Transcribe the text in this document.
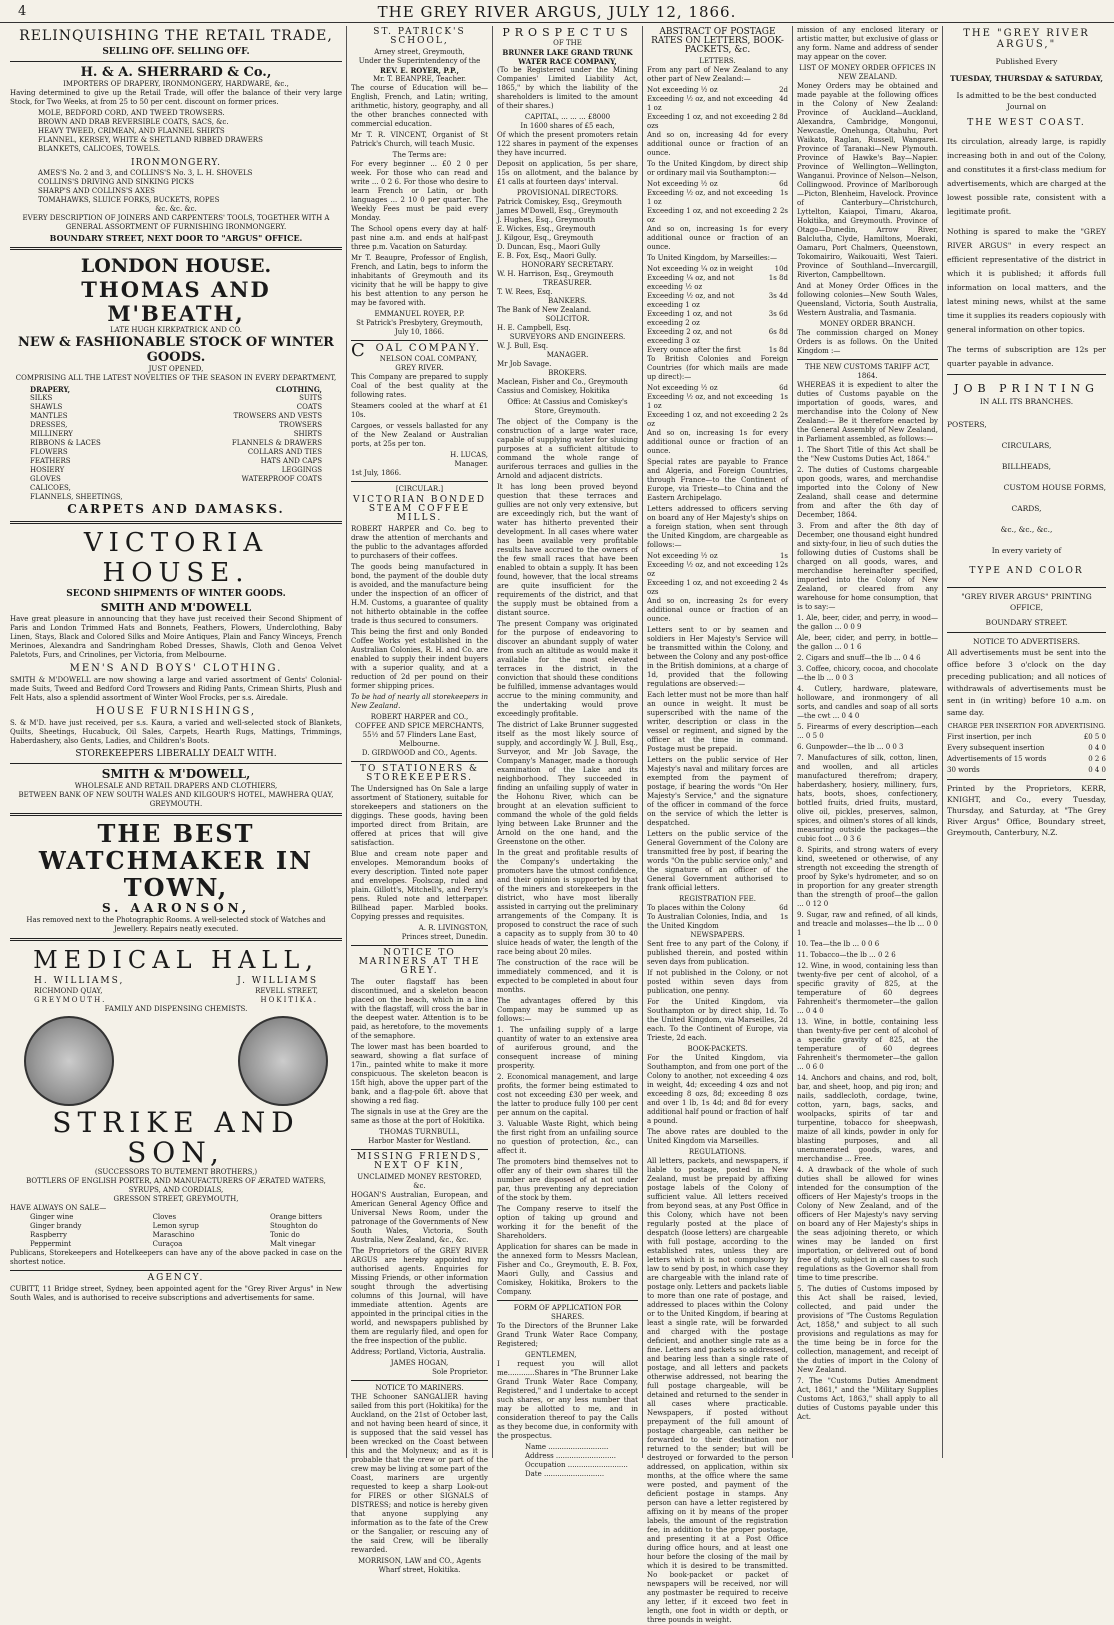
4	THE GREY RIVER ARGUS, JULY 12, 1866.
RELINQUISHING THE RETAIL TRADE,
SELLING OFF. SELLING OFF.
H. & A. SHERRARD & Co.,
IMPORTERS OF DRAPERY, IRONMONGERY, HARDWARE, &c.,
Having determined to give up the Retail Trade, will offer the balance of their very large Stock, for Two Weeks, at from 25 to 50 per cent. discount on former prices.
MOLE, BEDFORD CORD, AND TWEED TROWSERS.
BROWN AND DRAB REVERSIBLE COATS, SACS, &c.
HEAVY TWEED, CRIMEAN, AND FLANNEL SHIRTS
FLANNEL, KERSEY, WHITE & SHETLAND RIBBED DRAWERS
BLANKETS, CALICOES, TOWELS.
IRONMONGERY.
AMES'S No. 2 and 3, and COLLINS'S No. 3, L. H. SHOVELS
COLLINS'S DRIVING AND SINKING PICKS
SHARP'S AND COLLINS'S AXES
TOMAHAWKS, SLUICE FORKS, BUCKETS, ROPES
&c. &c. &c.
EVERY DESCRIPTION OF JOINERS AND CARPENTERS' TOOLS, TOGETHER WITH A GENERAL ASSORTMENT OF FURNISHING IRONMONGERY.
BOUNDARY STREET, NEXT DOOR TO "ARGUS" OFFICE.
LONDON HOUSE.
THOMAS AND M'BEATH,
LATE HUGH KIRKPATRICK AND CO.
NEW & FASHIONABLE STOCK OF WINTER GOODS.
JUST OPENED,
COMPRISING ALL THE LATEST NOVELTIES OF THE SEASON IN EVERY DEPARTMENT,
DRAPERY,
SILKS
SHAWLS
MANTLES
DRESSES,
MILLINERY
RIBBONS & LACES
FLOWERS
FEATHERS
HOSIERY
GLOVES
CALICOES,
FLANNELS, SHEETINGS,
CLOTHING,
SUITS
COATS
TROWSERS AND VESTS
TROWSERS
SHIRTS
FLANNELS & DRAWERS
COLLARS AND TIES
HATS AND CAPS
LEGGINGS
WATERPROOF COATS
CARPETS AND DAMASKS.
VICTORIA HOUSE.
SECOND SHIPMENTS OF WINTER GOODS.
SMITH AND M'DOWELL
Have great pleasure in announcing that they have just received their Second Shipment of Paris and London Trimmed Hats and Bonnets, Feathers, Flowers, Underclothing, Baby Linen, Stays, Black and Colored Silks and Moire Antiques, Plain and Fancy Winceys, French Merinoes, Alexandra and Sandringham Robed Dresses, Shawls, Cloth and Genoa Velvet Paletots, Furs, and Crinolines, per Victoria, from Melbourne.
MEN'S AND BOYS' CLOTHING.
SMITH & M'DOWELL are now showing a large and varied assortment of Gents' Colonial-made Suits, Tweed and Bedford Cord Trowsers and Riding Pants, Crimean Shirts, Plush and Felt Hats, also a splendid assortment of Winter Wool Frocks, per s.s. Airedale.
HOUSE FURNISHINGS,
S. & M'D. have just received, per s.s. Kaura, a varied and well-selected stock of Blankets, Quilts, Sheetings, Hucabuck, Oil Sales, Carpets, Hearth Rugs, Mattings, Trimmings, Haberdashery, also Gents, Ladies, and Children's Boots.
STOREKEEPERS LIBERALLY DEALT WITH.
SMITH & M'DOWELL,
WHOLESALE AND RETAIL DRAPERS AND CLOTHIERS,
BETWEEN BANK OF NEW SOUTH WALES AND KILGOUR'S HOTEL, MAWHERA QUAY, GREYMOUTH.
THE BEST WATCHMAKER IN TOWN,
S. AARONSON,
Has removed next to the Photographic Rooms. A well-selected stock of Watches and Jewellery. Repairs neatly executed.
MEDICAL HALL,
H. WILLIAMS,	J. WILLIAMS
RICHMOND QUAY,	REVELL STREET,
GREYMOUTH.	HOKITIKA.
FAMILY AND DISPENSING CHEMISTS.
STRIKE AND SON,
(SUCCESSORS TO BUTEMENT BROTHERS,)
BOTTLERS OF ENGLISH PORTER, AND MANUFACTURERS OF ÆRATED WATERS, SYRUPS, AND CORDIALS,
GRESSON STREET, GREYMOUTH,
HAVE ALWAYS ON SALE—
Ginger wine
Ginger brandy
Raspberry
Peppermint
Cloves
Lemon syrup
Maraschino
Curaçoa
Orange bitters
Stoughton do
Tonic do
Malt vinegar
Publicans, Storekeepers and Hotelkeepers can have any of the above packed in case on the shortest notice.
AGENCY.
CUBITT, 11 Bridge street, Sydney, been appointed agent for the "Grey River Argus" in New South Wales, and is authorised to receive subscriptions and advertisements for same.
ST. PATRICK'S SCHOOL,
Arney street, Greymouth,
Under the Superintendency of the
REV. E. ROYER, P.P.,
Mr. T. BEANPRE, Teacher.
The course of Education will be—English, French, and Latin; writing, arithmetic, history, geography, and all the other branches connected with commercial education.
Mr T. R. VINCENT, Organist of St Patrick's Church, will teach Music.
The Terms are:
For every beginner ... £0 2 0 per week. For those who can read and write ... 0 2 6. For those who desire to learn French or Latin, or both languages ... 2 10 0 per quarter. The Weekly Fees must be paid every Monday.
The School opens every day at half-past nine a.m. and ends at half-past three p.m. Vacation on Saturday.
Mr T. Beaupre, Professor of English, French, and Latin, begs to inform the inhabitants of Greymouth and its vicinity that he will be happy to give his best attention to any person he may be favored with.
EMMANUEL ROYER, P.P.
St Patrick's Presbytery, Greymouth, July 10, 1866.
COAL COMPANY.
NELSON COAL COMPANY, GREY RIVER.
This Company are prepared to supply Coal of the best quality at the following rates.
Steamers cooled at the wharf at £1 10s.
Cargoes, or vessels ballasted for any of the New Zealand or Australian ports, at 25s per ton.
H. LUCAS,
Manager.
1st July, 1866.
[CIRCULAR.]
VICTORIAN BONDED STEAM COFFEE MILLS.
ROBERT HARPER and Co. beg to draw the attention of merchants and the public to the advantages afforded to purchasers of their coffees.
The goods being manufactured in bond, the payment of the double duty is avoided, and the manufacture being under the inspection of an officer of H.M. Customs, a guarantee of quality not hitherto obtainable in the coffee trade is thus secured to consumers.
This being the first and only Bonded Coffee Works yet established in the Australian Colonies, R. H. and Co. are enabled to supply their indent buyers with a superior quality, and at a reduction of 2d per pound on their former shipping prices.
To be had of nearly all storekeepers in New Zealand.
ROBERT HARPER and CO.,
COFFEE AND SPICE MERCHANTS,
55½ and 57 Flinders Lane East, Melbourne.
D. GIRDWOOD and CO., Agents.
TO STATIONERS & STOREKEEPERS.
The Undersigned has On Sale a large assortment of Stationery, suitable for storekeepers and stationers on the diggings. These goods, having been imported direct from Britain, are offered at prices that will give satisfaction.
Blue and cream note paper and envelopes. Memorandum books of every description. Tinted note paper and envelopes. Foolscap, ruled and plain. Gillott's, Mitchell's, and Perry's pens. Ruled note and letterpaper. Billhead paper. Marbled books. Copying presses and requisites.
A. R. LIVINGSTON,
Princes street, Dunedin.
NOTICE TO MARINERS AT THE GREY.
The outer flagstaff has been discontinued, and a skeleton beacon placed on the beach, which in a line with the flagstaff, will cross the bar in the deepest water. Attention is to be paid, as heretofore, to the movements of the semaphore.
The lower mast has been boarded to seaward, showing a flat surface of 17in., painted white to make it more conspicuous. The skeleton beacon is 15ft high, above the upper part of the bank, and a flag-pole 6ft. above that showing a red flag.
The signals in use at the Grey are the same as those at the port of Hokitika.
THOMAS TURNBULL,
Harbor Master for Westland.
MISSING FRIENDS, NEXT OF KIN,
UNCLAIMED MONEY RESTORED, &c.
HOGAN'S Australian, European, and American General Agency Office and Universal News Room, under the patronage of the Governments of New South Wales, Victoria, South Australia, New Zealand, &c., &c.
The Proprietors of the GREY RIVER ARGUS are hereby appointed my authorised agents. Enquiries for Missing Friends, or other information sought through the advertising columns of this Journal, will have immediate attention. Agents are appointed in the principal cities in the world, and newspapers published by them are regularly filed, and open for the free inspection of the public.
Address; Portland, Victoria, Australia.
JAMES HOGAN,
Sole Proprietor.
NOTICE TO MARINERS.
THE Schooner SANGALIER having sailed from this port (Hokitika) for the Auckland, on the 21st of October last, and not having been heard of since, it is supposed that the said vessel has been wrecked on the Coast between this and the Molyneux; and as it is probable that the crew or part of the crew may be living at some part of the Coast, mariners are urgently requested to keep a sharp Look-out for FIRES or other SIGNALS of DISTRESS; and notice is hereby given that anyone supplying any information as to the fate of the Crew or the Sangalier, or rescuing any of the said Crew, will be liberally rewarded.
MORRISON, LAW and CO., Agents
Wharf street, Hokitika.
PROSPECTUS
OF THE
BRUNNER LAKE GRAND TRUNK WATER RACE COMPANY,
(To be Registered under the Mining Companies' Limited Liability Act, 1865," by which the liability of the shareholders is limited to the amount of their shares.)
CAPITAL, ... ... ... £8000
In 1600 shares of £5 each,
Of which the present promoters retain 122 shares in payment of the expenses they have incurred.
Deposit on application, 5s per share, 15s on allotment, and the balance by £1 calls at fourteen days' interval.
PROVISIONAL DIRECTORS.
Patrick Comiskey, Esq., Greymouth
James M'Dowell, Esq., Greymouth
J. Hughes, Esq., Greymouth
E. Wickes, Esq., Greymouth
J. Kilgour, Esq., Greymouth
D. Duncan, Esq., Maori Gully
E. B. Fox, Esq., Maori Gully.
HONORARY SECRETARY.
W. H. Harrison, Esq., Greymouth
TREASURER.
T. W. Rees, Esq.
BANKERS.
The Bank of New Zealand.
SOLICITOR.
H. E. Campbell, Esq.
SURVEYORS AND ENGINEERS.
W. J. Bull, Esq.
MANAGER.
Mr Job Savage.
BROKERS.
Maclean, Fisher and Co., Greymouth
Cassius and Comiskey, Hokitika
Office: At Cassius and Comiskey's Store, Greymouth.
The object of the Company is the construction of a large water race, capable of supplying water for sluicing purposes at a sufficient altitude to command the whole range of auriferous terraces and gullies in the Arnold and adjacent districts.
It has long been proved beyond question that these terraces and gullies are not only very extensive, but are exceedingly rich, but the want of water has hitherto prevented their development. In all cases where water has been available very profitable results have accrued to the owners of the few small races that have been enabled to obtain a supply. It has been found, however, that the local streams are quite insufficient for the requirements of the district, and that the supply must be obtained from a distant source.
The present Company was originated for the purpose of endeavoring to discover an abundant supply of water from such an altitude as would make it available for the most elevated terraces in the district, in the conviction that should these conditions be fulfilled, immense advantages would accrue to the mining community, and the undertaking would prove exceedingly profitable.
The district of Lake Brunner suggested itself as the most likely source of supply, and accordingly W. J. Bull, Esq., Surveyor, and Mr Job Savage, the Company's Manager, made a thorough examination of the Lake and its neighborhood. They succeeded in finding an unfailing supply of water in the Hohonu River, which can be brought at an elevation sufficient to command the whole of the gold fields lying between Lake Brunner and the Arnold on the one hand, and the Greenstone on the other.
In the great and profitable results of the Company's undertaking the promoters have the utmost confidence, and their opinion is supported by that of the miners and storekeepers in the district, who have most liberally assisted in carrying out the preliminary arrangements of the Company. It is proposed to construct the race of such a capacity as to supply from 30 to 40 sluice heads of water, the length of the race being about 20 miles.
The construction of the race will be immediately commenced, and it is expected to be completed in about four months.
The advantages offered by this Company may be summed up as follows:—
1. The unfailing supply of a large quantity of water to an extensive area of auriferous ground, and the consequent increase of mining prosperity.
2. Economical management, and large profits, the former being estimated to cost not exceeding £30 per week, and the latter to produce fully 100 per cent per annum on the capital.
3. Valuable Waste Right, which being the first right from an unfailing source no question of protection, &c., can affect it.
The promoters bind themselves not to offer any of their own shares till the number are disposed of at not under par, thus preventing any depreciation of the stock by them.
The Company reserve to itself the option of taking up ground and working it for the benefit of the Shareholders.
Application for shares can be made in the annexed form to Messrs Maclean, Fisher and Co., Greymouth, E. B. Fox, Maori Gully, and Cassius and Comiskey, Hokitika, Brokers to the Company.
FORM OF APPLICATION FOR SHARES.
To the Directors of the Brunner Lake Grand Trunk Water Race Company, Registered;
GENTLEMEN,
I request you will allot me............Shares in "The Brunner Lake Grand Trunk Water Race Company, Registered," and I undertake to accept such shares, or any less number that may be allotted to me, and in consideration thereof to pay the Calls as they become due, in conformity with the prospectus.
Name ...........................
Address ...........................
Occupation ...........................
Date ...........................
ABSTRACT OF POSTAGE RATES ON LETTERS, BOOK-PACKETS, &c.
LETTERS.
From any part of New Zealand to any other part of New Zealand:—
Not exceeding ½ oz	2d
Exceeding ½ oz, and not exceeding 1 oz	4d
Exceeding 1 oz, and not exceeding 2 ozs	8d
And so on, increasing 4d for every additional ounce or fraction of an ounce.
To the United Kingdom, by direct ship or ordinary mail via Southampton:—
Not exceeding ½ oz	6d
Exceeding ½ oz, and not exceeding 1 oz	1s
Exceeding 1 oz, and not exceeding 2 oz	2s
And so on, increasing 1s for every additional ounce or fraction of an ounce.
To United Kingdom, by Marseilles:—
Not exceeding ¼ oz in weight	10d
Exceeding ¼ oz, and not exceeding ½ oz	1s 8d
Exceeding ½ oz, and not exceeding 1 oz	3s 4d
Exceeding 1 oz, and not exceeding 2 oz	3s 6d
Exceeding 2 oz, and not exceeding 3 oz	6s 8d
Every ounce after the first	1s 8d
To British Colonies and Foreign Countries (for which mails are made up direct):—
Not exceeding ½ oz	6d
Exceeding ½ oz, and not exceeding 1 oz	1s
Exceeding 1 oz, and not exceeding 2 oz	2s
And so on, increasing 1s for every additional ounce or fraction of an ounce.
Special rates are payable to France and Algeria, and Foreign Countries, through France—to the Continent of Europe, via Trieste—to China and the Eastern Archipelago.
Letters addressed to officers serving on board any of Her Majesty's ships on a foreign station, when sent through the United Kingdom, are chargeable as follows:—
Not exceeding ½ oz	1s
Exceeding ½ oz, and not exceeding 1 oz	2s
Exceeding 1 oz, and not exceeding 2 ozs	4s
And so on, increasing 2s for every additional ounce or fraction of an ounce.
Letters sent to or by seamen and soldiers in Her Majesty's Service will be transmitted within the Colony, and between the Colony and any post-office in the British dominions, at a charge of 1d, provided that the following regulations are observed:—
Each letter must not be more than half an ounce in weight. It must be superscribed with the name of the writer, description or class in the vessel or regiment, and signed by the officer at the time in command. Postage must be prepaid.
Letters on the public service of Her Majesty's naval and military forces are exempted from the payment of postage, if bearing the words "On Her Majesty's Service," and the signature of the officer in command of the force on the service of which the letter is despatched.
Letters on the public service of the General Government of the Colony are transmitted free by post, if bearing the words "On the public service only," and the signature of an officer of the General Government authorised to frank official letters.
REGISTRATION FEE.
To places within the Colony	6d
To Australian Colonies, India, and the United Kingdom	1s
NEWSPAPERS.
Sent free to any part of the Colony, if published therein, and posted within seven days from publication.
If not published in the Colony, or not posted within seven days from publication, one penny.
For the United Kingdom, via Southampton or by direct ship, 1d. To the United Kingdom, via Marseilles, 2d each. To the Continent of Europe, via Trieste, 2d each.
BOOK-PACKETS.
For the United Kingdom, via Southampton, and from one port of the Colony to another, not exceeding 4 ozs in weight, 4d; exceeding 4 ozs and not exceeding 8 ozs, 8d; exceeding 8 ozs and over 1 lb, 1s 4d; and 8d for every additional half pound or fraction of half a pound.
The above rates are doubled to the United Kingdom via Marseilles.
REGULATIONS.
All letters, packets, and newspapers, if liable to postage, posted in New Zealand, must be prepaid by affixing postage labels of the Colony of sufficient value. All letters received from beyond seas, at any Post Office in this Colony, which have not been regularly posted at the place of despatch (loose letters) are chargeable with full postage, according to the established rates, unless they are letters which it is not compulsory by law to send by post, in which case they are chargeable with the inland rate of postage only. Letters and packets liable to more than one rate of postage, and addressed to places within the Colony or to the United Kingdom, if bearing at least a single rate, will be forwarded and charged with the postage deficient, and another single rate as a fine. Letters and packets so addressed, and bearing less than a single rate of postage, and all letters and packets otherwise addressed, not bearing the full postage chargeable, will be detained and returned to the sender in all cases where practicable. Newspapers, if posted without prepayment of the full amount of postage chargeable, can neither be forwarded to their destination nor returned to the sender; but will be destroyed or forwarded to the person addressed, on application, within six months, at the office where the same were posted, and payment of the deficient postage in stamps. Any person can have a letter registered by affixing on it by means of the proper labels, the amount of the registration fee, in addition to the proper postage, and presenting it at a Post Office during office hours, and at least one hour before the closing of the mail by which it is desired to be transmitted. No book-packet or packet of newspapers will be received, nor will any postmaster be required to receive any letter, if it exceed two feet in length, one foot in width or depth, or three pounds in weight.
mission of any enclosed literary or artistic matter, but exclusive of glass or any form. Name and address of sender may appear on the cover.
LIST OF MONEY ORDER OFFICES IN NEW ZEALAND.
Money Orders may be obtained and made payable at the following offices in the Colony of New Zealand: Province of Auckland—Auckland, Alexandra, Cambridge, Mongonui, Newcastle, Onehunga, Otahuhu, Port Waikato, Raglan, Russell, Wangarei. Province of Taranaki—New Plymouth. Province of Hawke's Bay—Napier. Province of Wellington—Wellington, Wanganui. Province of Nelson—Nelson, Collingwood. Province of Marlborough—Picton, Blenheim, Havelock. Province of Canterbury—Christchurch, Lyttelton, Kaiapoi, Timaru, Akaroa, Hokitika, and Greymouth. Province of Otago—Dunedin, Arrow River, Balclutha, Clyde, Hamiltons, Moeraki, Oamaru, Port Chalmers, Queenstown, Tokomairiro, Waikouaiti, West Taieri. Province of Southland—Invercargill, Riverton, Campbelltown.
And at Money Order Offices in the following colonies—New South Wales, Queensland, Victoria, South Australia, Western Australia, and Tasmania.
MONEY ORDER BRANCH.
The commission charged on Money Orders is as follows. On the United Kingdom :—
THE NEW CUSTOMS TARIFF ACT, 1864.
WHEREAS it is expedient to alter the duties of Customs payable on the importation of goods, wares, and merchandise into the Colony of New Zealand:— Be it therefore enacted by the General Assembly of New Zealand, in Parliament assembled, as follows:—
1. The Short Title of this Act shall be the "New Customs Duties Act, 1864."
2. The duties of Customs chargeable upon goods, wares, and merchandise imported into the Colony of New Zealand, shall cease and determine from and after the 6th day of December, 1864.
3. From and after the 8th day of December, one thousand eight hundred and sixty-four, in lieu of such duties the following duties of Customs shall be charged on all goods, wares, and merchandise hereinafter specified, imported into the Colony of New Zealand, or cleared from any warehouse for home consumption, that is to say:—
1. Ale, beer, cider, and perry, in wood—the gallon ... 0 0 9
Ale, beer, cider, and perry, in bottle—the gallon ... 0 1 6
2. Cigars and snuff—the lb ... 0 4 6
3. Coffee, chicory, cocoa, and chocolate—the lb ... 0 0 3
4. Cutlery, hardware, plateware, holloware, and ironmongery of all sorts, and candles and soap of all sorts—the cwt ... 0 4 0
5. Firearms of every description—each ... 0 5 0
6. Gunpowder—the lb ... 0 0 3
7. Manufactures of silk, cotton, linen, and woollen, and all articles manufactured therefrom; drapery, haberdashery, hosiery, millinery, furs, hats, boots, shoes, confectionery, bottled fruits, dried fruits, mustard, olive oil, pickles, preserves, salmon, spices, and oilmen's stores of all kinds, measuring outside the packages—the cubic foot ... 0 3 6
8. Spirits, and strong waters of every kind, sweetened or otherwise, of any strength not exceeding the strength of proof by Syke's hydrometer, and so on in proportion for any greater strength than the strength of proof—the gallon ... 0 12 0
9. Sugar, raw and refined, of all kinds, and treacle and molasses—the lb ... 0 0 1
10. Tea—the lb ... 0 0 6
11. Tobacco—the lb ... 0 2 6
12. Wine, in wood, containing less than twenty-five per cent of alcohol, of a specific gravity of 825, at the temperature of 60 degrees Fahrenheit's thermometer—the gallon ... 0 4 0
13. Wine, in bottle, containing less than twenty-five per cent of alcohol of a specific gravity of 825, at the temperature of 60 degrees Fahrenheit's thermometer—the gallon ... 0 6 0
14. Anchors and chains, and rod, bolt, bar, and sheet, hoop, and pig iron; and nails, saddlecloth, cordage, twine, cotton, yarn, bags, sacks, and woolpacks, spirits of tar and turpentine, tobacco for sheepwash, maize of all kinds, powder in only for blasting purposes, and all unenumerated goods, wares, and merchandise ... Free.
4. A drawback of the whole of such duties shall be allowed for wines intended for the consumption of the officers of Her Majesty's troops in the Colony of New Zealand, and of the officers of Her Majesty's navy serving on board any of Her Majesty's ships in the seas adjoining thereto, or which wines may be landed on first importation, or delivered out of bond free of duty, subject in all cases to such regulations as the Governor shall from time to time prescribe.
5. The duties of Customs imposed by this Act shall be raised, levied, collected, and paid under the provisions of "The Customs Regulation Act, 1858," and subject to all such provisions and regulations as may for the time being be in force for the collection, management, and receipt of the duties of import in the Colony of New Zealand.
7. The "Customs Duties Amendment Act, 1861," and the "Military Supplies Customs Act, 1863," shall apply to all duties of Customs payable under this Act.
THE "GREY RIVER ARGUS,"
Published Every
TUESDAY, THURSDAY & SATURDAY,
Is admitted to be the best conducted
Journal on
THE WEST COAST.
Its circulation, already large, is rapidly increasing both in and out of the Colony, and constitutes it a first-class medium for advertisements, which are charged at the lowest possible rate, consistent with a legitimate profit.
Nothing is spared to make the "GREY RIVER ARGUS" in every respect an efficient representative of the district in which it is published; it affords full information on local matters, and the latest mining news, whilst at the same time it supplies its readers copiously with general information on other topics.
The terms of subscription are 12s per quarter payable in advance.
JOB PRINTING
IN ALL ITS BRANCHES.
POSTERS,
CIRCULARS,
BILLHEADS,
CUSTOM HOUSE FORMS,
CARDS,
&c., &c., &c.,
In every variety of
TYPE AND COLOR
"GREY RIVER ARGUS" PRINTING OFFICE,
BOUNDARY STREET.
NOTICE TO ADVERTISERS.
All advertisements must be sent into the office before 3 o'clock on the day preceding publication; and all notices of withdrawals of advertisements must be sent in (in writing) before 10 a.m. on same day.
CHARGE PER INSERTION FOR ADVERTISING.
First insertion, per inch	£0 5 0
Every subsequent insertion	0 4 0
Advertisements of 15 words	0 2 6
30 words	0 4 0
Printed by the Proprietors, KERR, KNIGHT, and Co., every Tuesday, Thursday, and Saturday, at "The Grey River Argus" Office, Boundary street, Greymouth, Canterbury, N.Z.
